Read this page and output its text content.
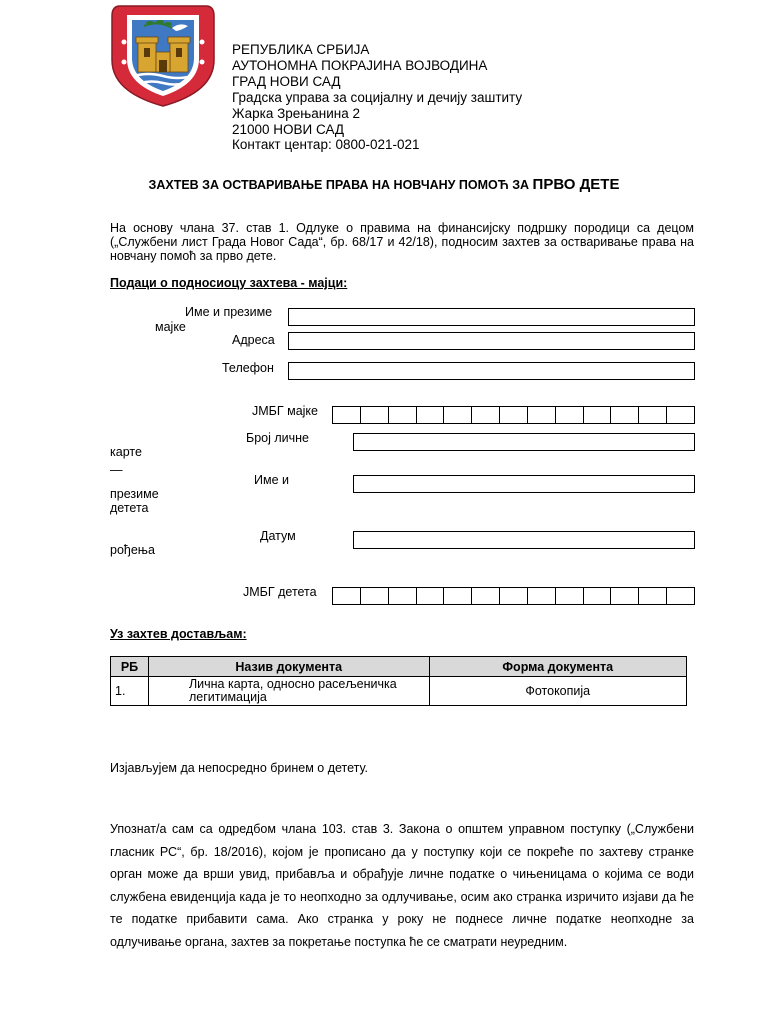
РЕПУБЛИКА СРБИЈА
АУТОНОМНА ПОКРАЈИНА ВОЈВОДИНА
ГРАД НОВИ САД
Градска управа за социјалну и дечију заштиту
Жарка Зрењанина 2
21000 НОВИ САД
Контакт центар: 0800-021-021
ЗАХТЕВ ЗА ОСТВАРИВАЊЕ ПРАВА НА НОВЧАНУ ПОМОЋ ЗА ПРВО ДЕТЕ
На основу члана 37. став 1. Одлуке о правима на финансијску подршку породици са децом („Службени лист Града Новог Сада“, бр. 68/17 и 42/18), подносим захтев за остваривање права на новчану помоћ за прво дете.
Подаци о подносиоцу захтева - мајци:
Име и презиме
мајке
Адреса
Телефон
ЈМБГ мајке
Број личне
карте
—
Име и
презиме
детета
Датум
рођења
ЈМБГ детета
Уз захтев достављам:
РБ	Назив документа	Форма документа
1.	Лична карта, односно расељеничка легитимација	Фотокопија
Изјављујем да непосредно бринем о детету.
Упознат/а сам са одредбом члана 103. став 3. Закона о општем управном поступку („Службени гласник РС“, бр. 18/2016), којом је прописано да у поступку који се покреће по захтеву странке орган може да врши увид, прибавља и обрађује личне податке о чињеницама о којима се води службена евиденција када је то неопходно за одлучивање, осим ако странка изричито изјави да ће те податке прибавити сама. Ако странка у року не поднесе личне податке неопходне за одлучивање органа, захтев за покретање поступка ће се сматрати неуредним.
